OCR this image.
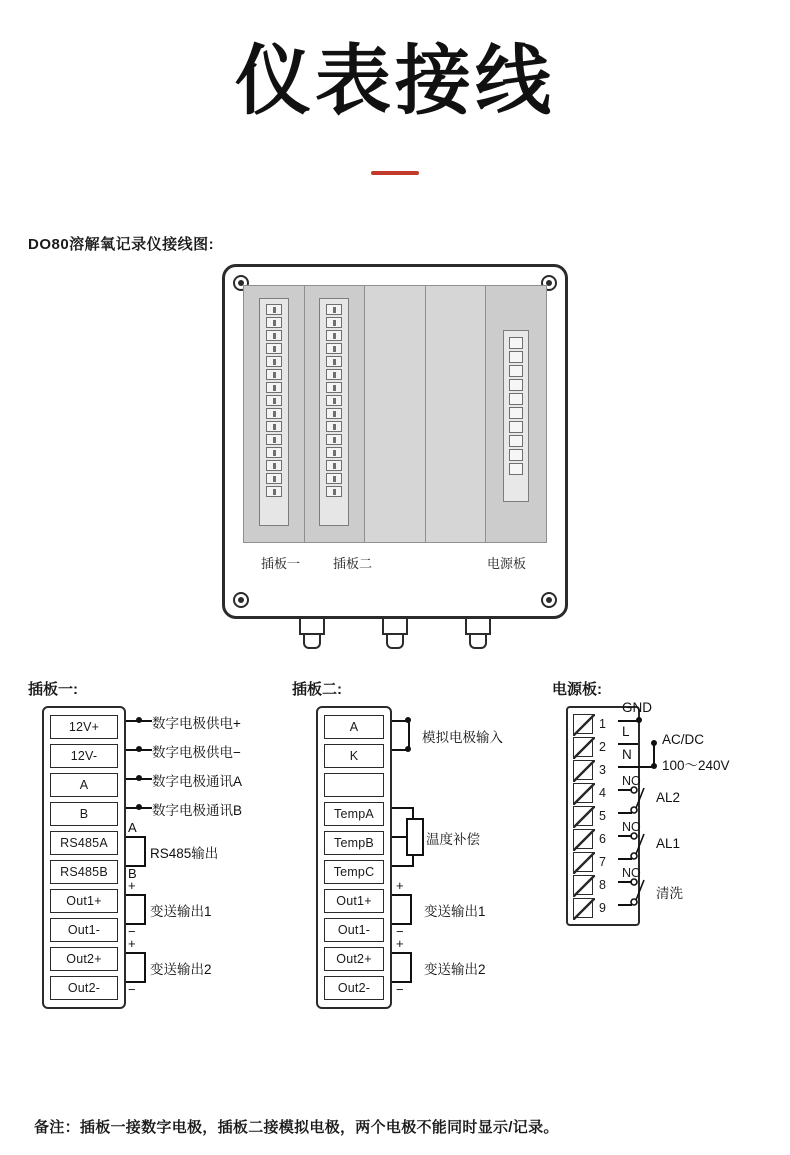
仪表接线
DO80溶解氧记录仪接线图:
插板一	插板二	电源板
插板一:	插板二:	电源板:
12V+
12V-
A
B
RS485A
RS485B
Out1+
Out1-
Out2+
Out2-
数字电极供电+
数字电极供电−
数字电极通讯A
数字电极通讯B
A
B
RS485输出
+
−
变送输出1
+
−
变送输出2
A
K
TempA
TempB
TempC
Out1+
Out1-
Out2+
Out2-
模拟电极输入
温度补偿
+
−
变送输出1
+
−
变送输出2
1
2
3
4
5
6
7
8
9
GND
L
N
AC/DC
100～240V
NO
AL2
NO
AL1
NO
清洗
备注：插板一接数字电极，插板二接模拟电极，两个电极不能同时显示/记录。
